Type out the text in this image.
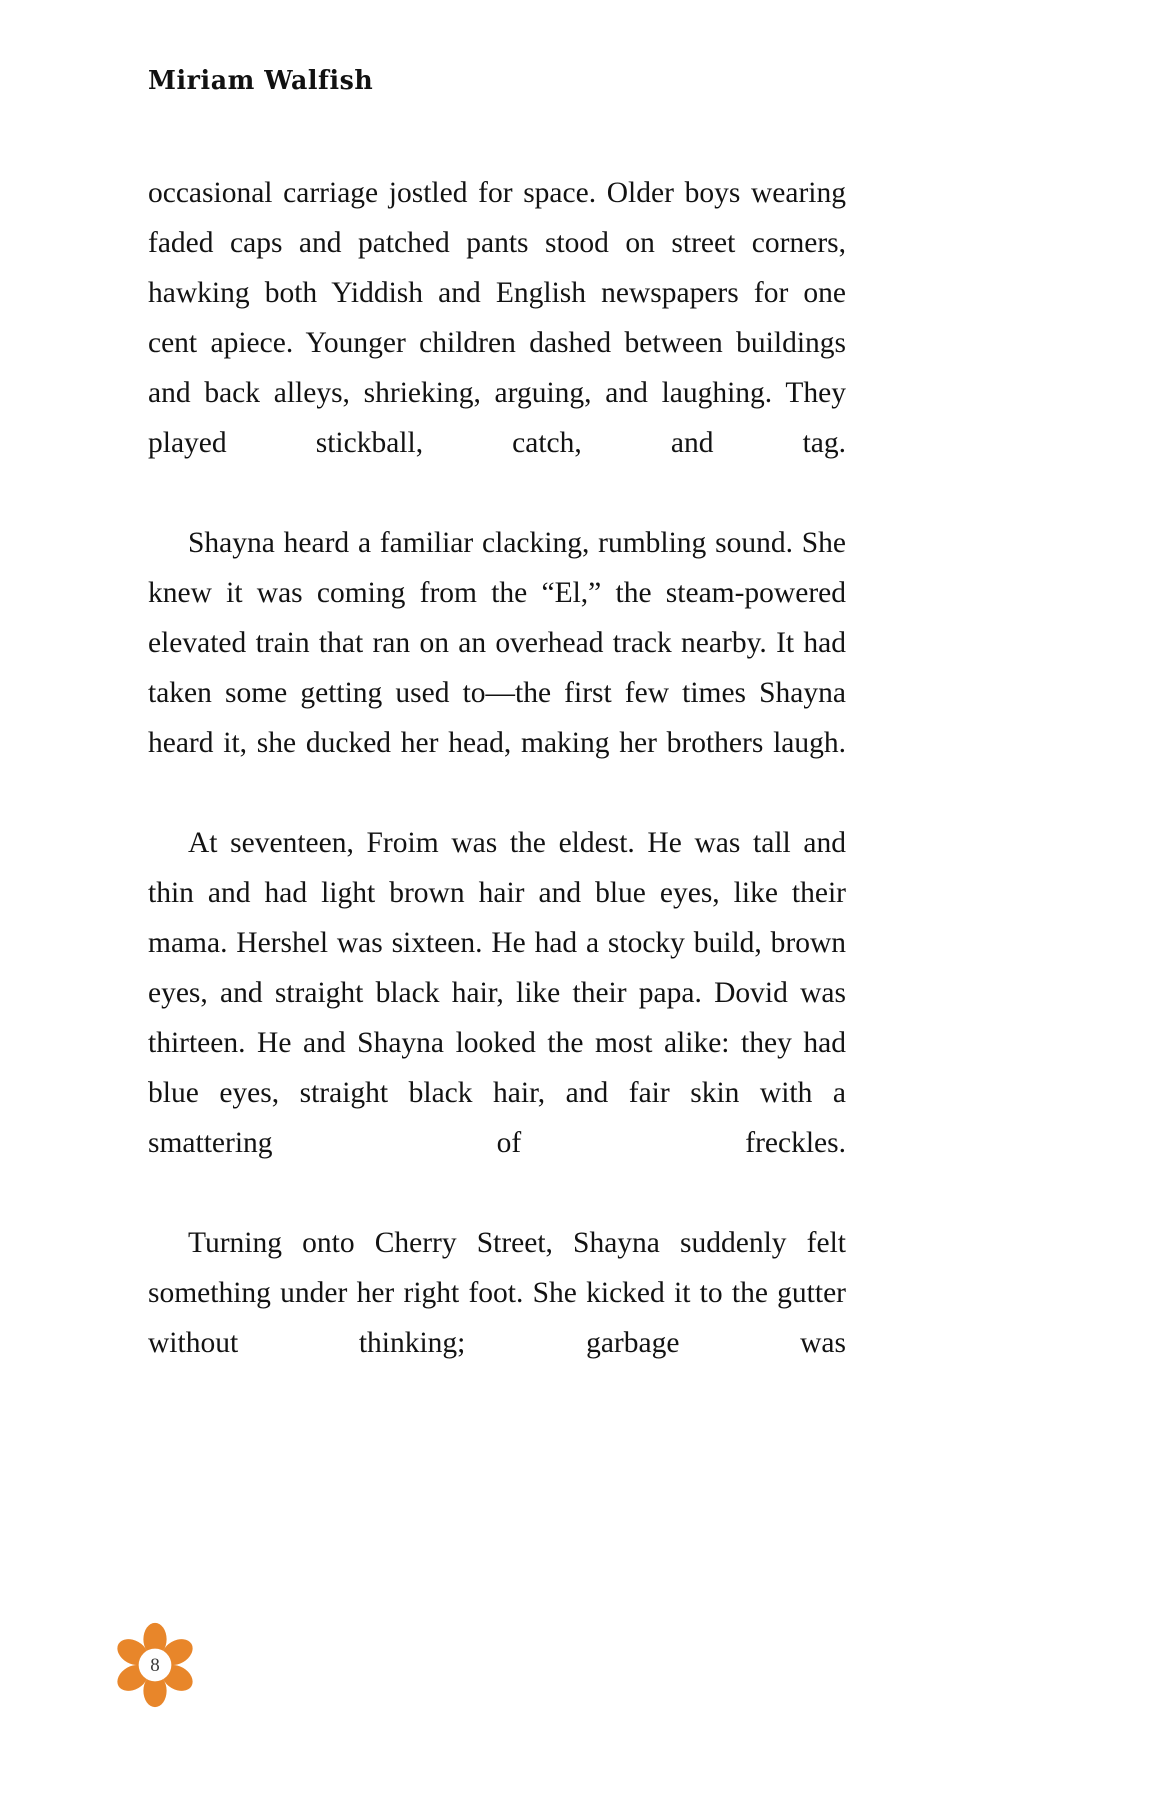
Miriam Walfish

occasional carriage jostled for space. Older boys wearing faded caps and patched pants stood on street corners, hawking both Yiddish and English newspapers for one cent apiece. Younger children dashed between buildings and back alleys, shrieking, arguing, and laughing. They played stickball, catch, and tag.

Shayna heard a familiar clacking, rumbling sound. She knew it was coming from the “El,” the steam-powered elevated train that ran on an overhead track nearby. It had taken some getting used to—the first few times Shayna heard it, she ducked her head, making her brothers laugh.

At seventeen, Froim was the eldest. He was tall and thin and had light brown hair and blue eyes, like their mama. Hershel was sixteen. He had a stocky build, brown eyes, and straight black hair, like their papa. Dovid was thirteen. He and Shayna looked the most alike: they had blue eyes, straight black hair, and fair skin with a smattering of freckles.

Turning onto Cherry Street, Shayna suddenly felt something under her right foot. She kicked it to the gutter without thinking; garbage was

8
